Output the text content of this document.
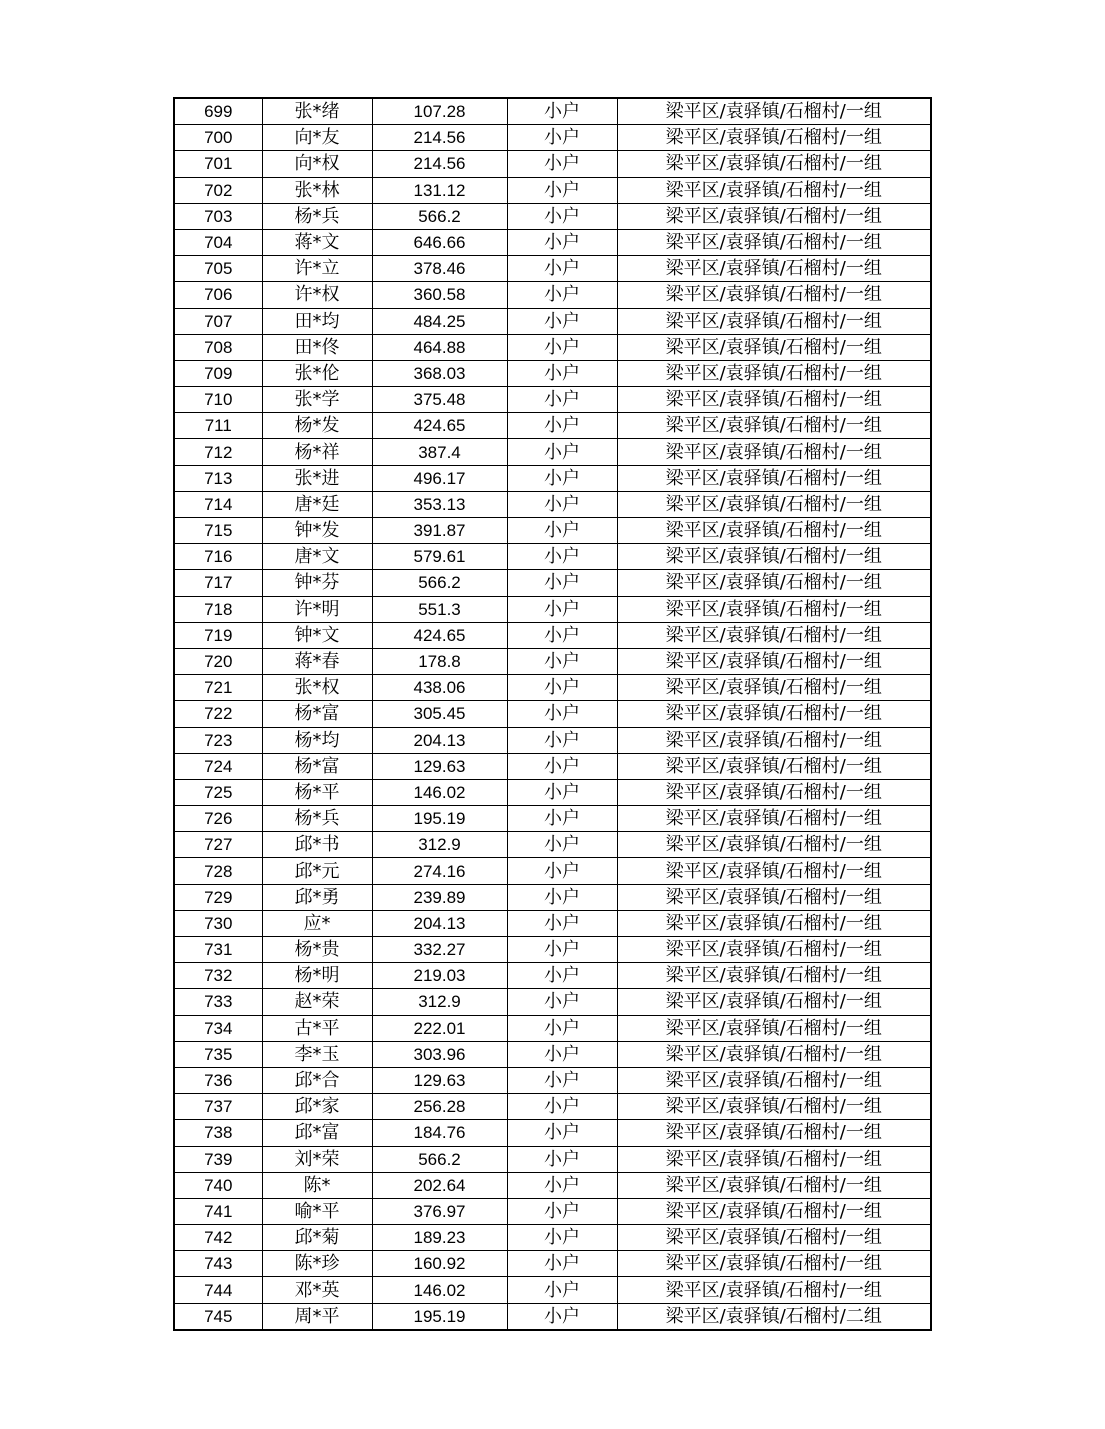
699	张*绪	107.28	小户	梁平区/袁驿镇/石榴村/一组
700	向*友	214.56	小户	梁平区/袁驿镇/石榴村/一组
701	向*权	214.56	小户	梁平区/袁驿镇/石榴村/一组
702	张*林	131.12	小户	梁平区/袁驿镇/石榴村/一组
703	杨*兵	566.2	小户	梁平区/袁驿镇/石榴村/一组
704	蒋*文	646.66	小户	梁平区/袁驿镇/石榴村/一组
705	许*立	378.46	小户	梁平区/袁驿镇/石榴村/一组
706	许*权	360.58	小户	梁平区/袁驿镇/石榴村/一组
707	田*均	484.25	小户	梁平区/袁驿镇/石榴村/一组
708	田*佟	464.88	小户	梁平区/袁驿镇/石榴村/一组
709	张*伦	368.03	小户	梁平区/袁驿镇/石榴村/一组
710	张*学	375.48	小户	梁平区/袁驿镇/石榴村/一组
711	杨*发	424.65	小户	梁平区/袁驿镇/石榴村/一组
712	杨*祥	387.4	小户	梁平区/袁驿镇/石榴村/一组
713	张*进	496.17	小户	梁平区/袁驿镇/石榴村/一组
714	唐*廷	353.13	小户	梁平区/袁驿镇/石榴村/一组
715	钟*发	391.87	小户	梁平区/袁驿镇/石榴村/一组
716	唐*文	579.61	小户	梁平区/袁驿镇/石榴村/一组
717	钟*芬	566.2	小户	梁平区/袁驿镇/石榴村/一组
718	许*明	551.3	小户	梁平区/袁驿镇/石榴村/一组
719	钟*文	424.65	小户	梁平区/袁驿镇/石榴村/一组
720	蒋*春	178.8	小户	梁平区/袁驿镇/石榴村/一组
721	张*权	438.06	小户	梁平区/袁驿镇/石榴村/一组
722	杨*富	305.45	小户	梁平区/袁驿镇/石榴村/一组
723	杨*均	204.13	小户	梁平区/袁驿镇/石榴村/一组
724	杨*富	129.63	小户	梁平区/袁驿镇/石榴村/一组
725	杨*平	146.02	小户	梁平区/袁驿镇/石榴村/一组
726	杨*兵	195.19	小户	梁平区/袁驿镇/石榴村/一组
727	邱*书	312.9	小户	梁平区/袁驿镇/石榴村/一组
728	邱*元	274.16	小户	梁平区/袁驿镇/石榴村/一组
729	邱*勇	239.89	小户	梁平区/袁驿镇/石榴村/一组
730	应*	204.13	小户	梁平区/袁驿镇/石榴村/一组
731	杨*贵	332.27	小户	梁平区/袁驿镇/石榴村/一组
732	杨*明	219.03	小户	梁平区/袁驿镇/石榴村/一组
733	赵*荣	312.9	小户	梁平区/袁驿镇/石榴村/一组
734	古*平	222.01	小户	梁平区/袁驿镇/石榴村/一组
735	李*玉	303.96	小户	梁平区/袁驿镇/石榴村/一组
736	邱*合	129.63	小户	梁平区/袁驿镇/石榴村/一组
737	邱*家	256.28	小户	梁平区/袁驿镇/石榴村/一组
738	邱*富	184.76	小户	梁平区/袁驿镇/石榴村/一组
739	刘*荣	566.2	小户	梁平区/袁驿镇/石榴村/一组
740	陈*	202.64	小户	梁平区/袁驿镇/石榴村/一组
741	喻*平	376.97	小户	梁平区/袁驿镇/石榴村/一组
742	邱*菊	189.23	小户	梁平区/袁驿镇/石榴村/一组
743	陈*珍	160.92	小户	梁平区/袁驿镇/石榴村/一组
744	邓*英	146.02	小户	梁平区/袁驿镇/石榴村/一组
745	周*平	195.19	小户	梁平区/袁驿镇/石榴村/二组
